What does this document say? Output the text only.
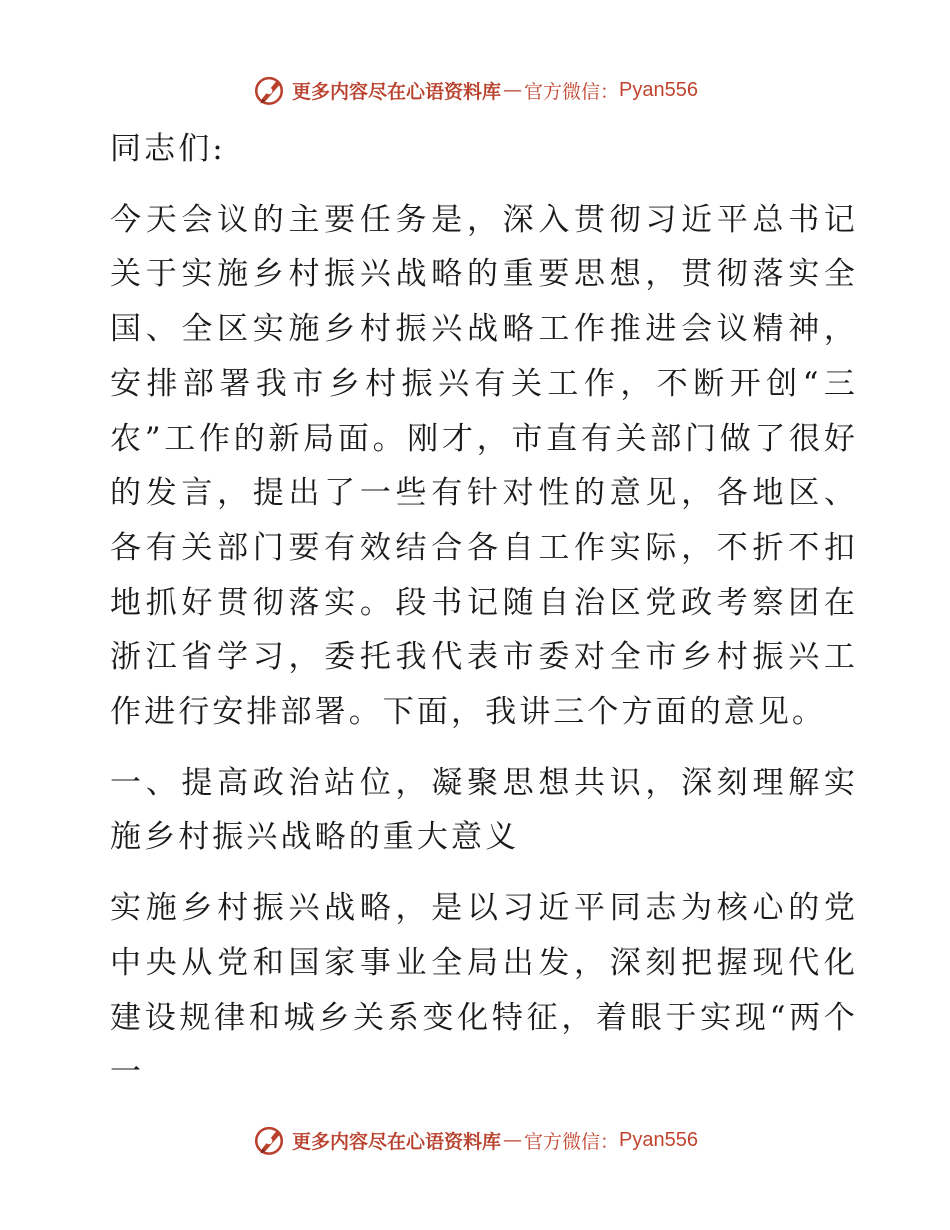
更多内容尽在心语资料库 — 官方微信： Pyan556

同志们:

今天会议的主要任务是，深入贯彻习近平总书记关于实施乡村振兴战略的重要思想，贯彻落实全国、全区实施乡村振兴战略工作推进会议精神，安排部署我市乡村振兴有关工作，不断开创“三农”工作的新局面。刚才，市直有关部门做了很好的发言，提出了一些有针对性的意见，各地区、各有关部门要有效结合各自工作实际，不折不扣地抓好贯彻落实。段书记随自治区党政考察团在浙江省学习，委托我代表市委对全市乡村振兴工作进行安排部署。下面，我讲三个方面的意见。

一、提高政治站位，凝聚思想共识，深刻理解实施乡村振兴战略的重大意义

实施乡村振兴战略，是以习近平同志为核心的党中央从党和国家事业全局出发，深刻把握现代化建设规律和城乡关系变化特征，着眼于实现“两个一

更多内容尽在心语资料库 — 官方微信： Pyan556
